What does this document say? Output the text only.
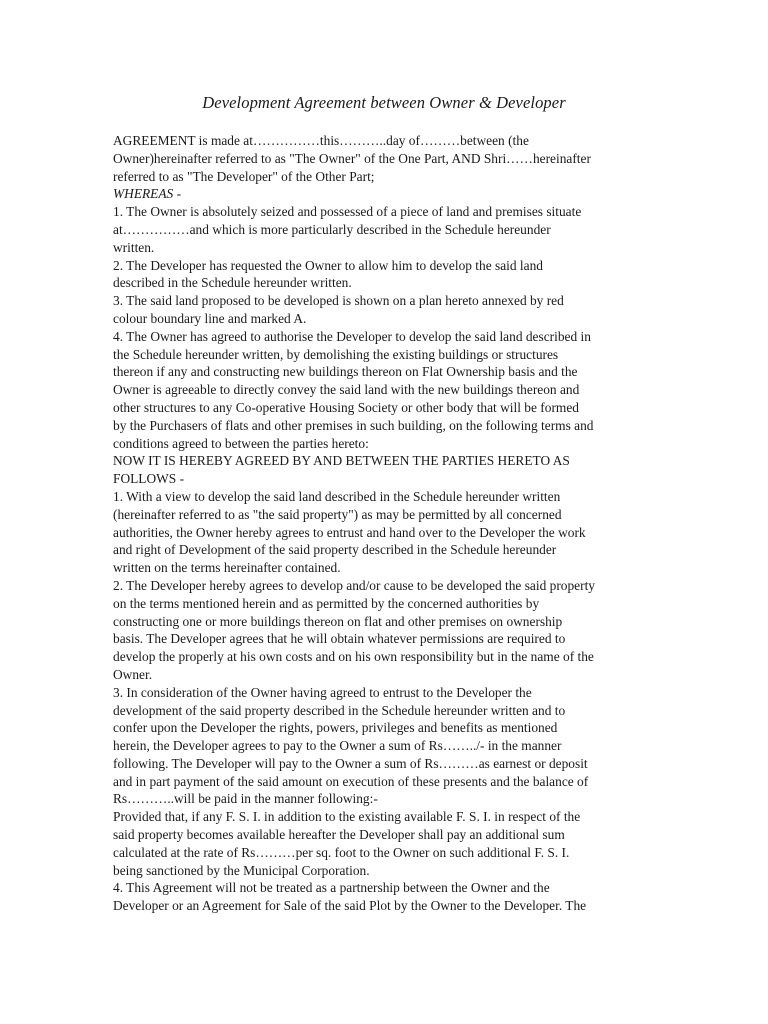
Development Agreement between Owner & Developer
AGREEMENT is made at……………this………..day of………between (the
Owner)hereinafter referred to as "The Owner" of the One Part, AND Shri……hereinafter
referred to as "The Developer" of the Other Part;
WHEREAS -
1. The Owner is absolutely seized and possessed of a piece of land and premises situate
at……………and which is more particularly described in the Schedule hereunder
written.
2. The Developer has requested the Owner to allow him to develop the said land
described in the Schedule hereunder written.
3. The said land proposed to be developed is shown on a plan hereto annexed by red
colour boundary line and marked A.
4. The Owner has agreed to authorise the Developer to develop the said land described in
the Schedule hereunder written, by demolishing the existing buildings or structures
thereon if any and constructing new buildings thereon on Flat Ownership basis and the
Owner is agreeable to directly convey the said land with the new buildings thereon and
other structures to any Co-operative Housing Society or other body that will be formed
by the Purchasers of flats and other premises in such building, on the following terms and
conditions agreed to between the parties hereto:
NOW IT IS HEREBY AGREED BY AND BETWEEN THE PARTIES HERETO AS
FOLLOWS -
1. With a view to develop the said land described in the Schedule hereunder written
(hereinafter referred to as "the said property") as may be permitted by all concerned
authorities, the Owner hereby agrees to entrust and hand over to the Developer the work
and right of Development of the said property described in the Schedule hereunder
written on the terms hereinafter contained.
2. The Developer hereby agrees to develop and/or cause to be developed the said property
on the terms mentioned herein and as permitted by the concerned authorities by
constructing one or more buildings thereon on flat and other premises on ownership
basis. The Developer agrees that he will obtain whatever permissions are required to
develop the properly at his own costs and on his own responsibility but in the name of the
Owner.
3. In consideration of the Owner having agreed to entrust to the Developer the
development of the said property described in the Schedule hereunder written and to
confer upon the Developer the rights, powers, privileges and benefits as mentioned
herein, the Developer agrees to pay to the Owner a sum of Rs……../- in the manner
following. The Developer will pay to the Owner a sum of Rs………as earnest or deposit
and in part payment of the said amount on execution of these presents and the balance of
Rs………..will be paid in the manner following:-
Provided that, if any F. S. I. in addition to the existing available F. S. I. in respect of the
said property becomes available hereafter the Developer shall pay an additional sum
calculated at the rate of Rs………per sq. foot to the Owner on such additional F. S. I.
being sanctioned by the Municipal Corporation.
4. This Agreement will not be treated as a partnership between the Owner and the
Developer or an Agreement for Sale of the said Plot by the Owner to the Developer. The
